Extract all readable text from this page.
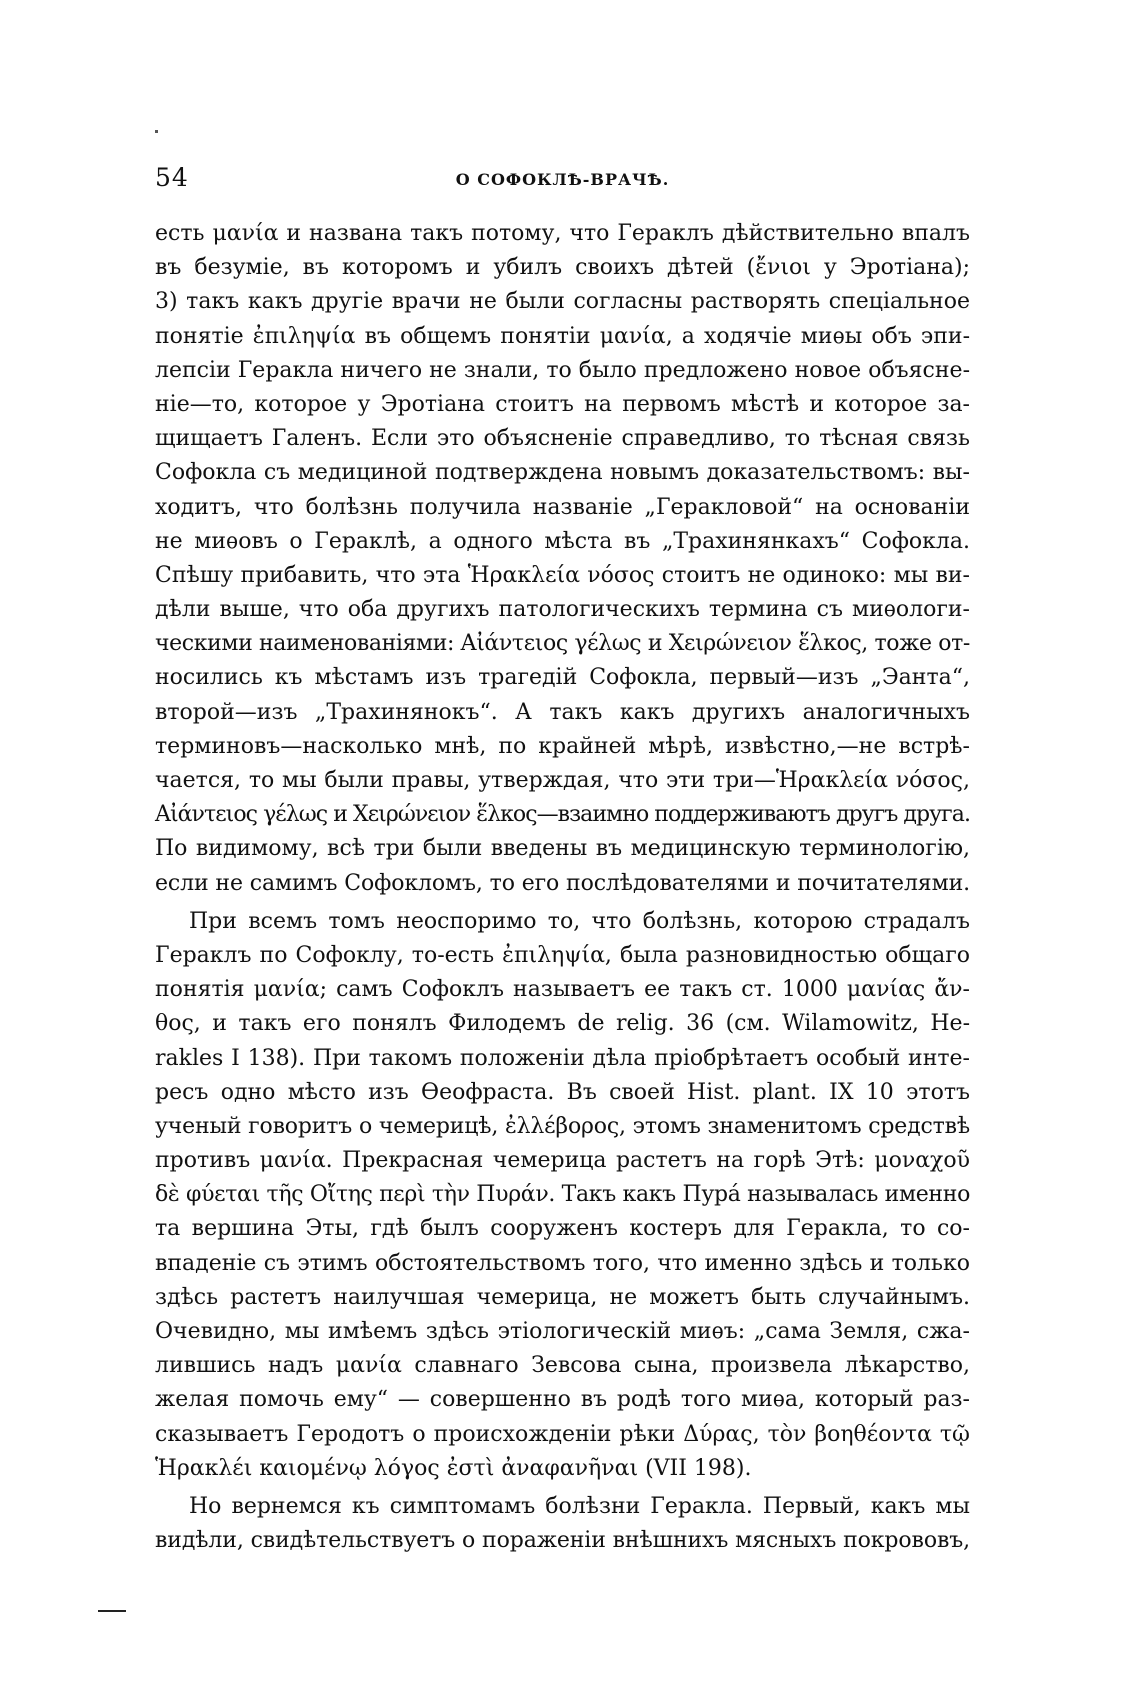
54	О СОФОКЛѢ-ВРАЧѢ.
есть μανία и названа такъ потому, что Гераклъ дѣйствительно впалъ
въ безуміе, въ которомъ и убилъ своихъ дѣтей (ἔνιοι у Эротіана);
3) такъ какъ другіе врачи не были согласны растворять спеціальное
понятіе ἐπιληψία въ общемъ понятіи μανία, а ходячіе миѳы объ эпи-
лепсіи Геракла ничего не знали, то было предложено новое объясне-
ніе—то, которое у Эротіана стоитъ на первомъ мѣстѣ и которое за-
щищаетъ Галенъ. Если это объясненіе справедливо, то тѣсная связь
Софокла съ медициной подтверждена новымъ доказательствомъ: вы-
ходитъ, что болѣзнь получила названіе „Геракловой“ на основаніи
не миѳовъ о Гераклѣ, а одного мѣста въ „Трахинянкахъ“ Софокла.
Спѣшу прибавить, что эта Ἡρακλεία νόσος стоитъ не одиноко: мы ви-
дѣли выше, что оба другихъ патологическихъ термина съ миѳологи-
ческими наименованіями: Αἰάντειος γέλως и Χειρώνειον ἕλκος, тоже от-
носились къ мѣстамъ изъ трагедій Софокла, первый—изъ „Эанта“,
второй—изъ „Трахинянокъ“. А такъ какъ другихъ аналогичныхъ
терминовъ—насколько мнѣ, по крайней мѣрѣ, извѣстно,—не встрѣ-
чается, то мы были правы, утверждая, что эти три—Ἡρακλεία νόσος,
Αἰάντειος γέλως и Χειρώνειον ἕλκος—взаимно поддерживаютъ другъ друга.
По видимому, всѣ три были введены въ медицинскую терминологію,
если не самимъ Софокломъ, то его послѣдователями и почитателями.
При всемъ томъ неоспоримо то, что болѣзнь, которою страдалъ
Гераклъ по Софоклу, то-есть ἐπιληψία, была разновидностью общаго
понятія μανία; самъ Софоклъ называетъ ее такъ ст. 1000 μανίας ἄν-
θος, и такъ его понялъ Филодемъ de relig. 36 (см. Wilamowitz, He-
rakles I 138). При такомъ положеніи дѣла пріобрѣтаетъ особый инте-
ресъ одно мѣсто изъ Ѳеофраста. Въ своей Hist. plant. IX 10 этотъ
ученый говоритъ о чемерицѣ, ἐλλέβορος, этомъ знаменитомъ средствѣ
противъ μανία. Прекрасная чемерица растетъ на горѣ Этѣ: μοναχοῦ
δὲ φύεται τῆς Οἴτης περὶ τὴν Πυράν. Такъ какъ Пурá называлась именно
та вершина Эты, гдѣ былъ сооруженъ костеръ для Геракла, то со-
впаденіе съ этимъ обстоятельствомъ того, что именно здѣсь и только
здѣсь растетъ наилучшая чемерица, не можетъ быть случайнымъ.
Очевидно, мы имѣемъ здѣсь этіологическій миѳъ: „сама Земля, сжа-
лившись надъ μανία славнаго Зевсова сына, произвела лѣкарство,
желая помочь ему“ — совершенно въ родѣ того миѳа, который раз-
сказываетъ Геродотъ о происхожденіи рѣки Δύρας, τὸν βοηθέοντα τῷ
Ἡρακλέι καιομένῳ λόγος ἐστὶ ἀναφανῆναι (VII 198).
Но вернемся къ симптомамъ болѣзни Геракла. Первый, какъ мы
видѣли, свидѣтельствуетъ о пораженіи внѣшнихъ мясныхъ покрововъ,
